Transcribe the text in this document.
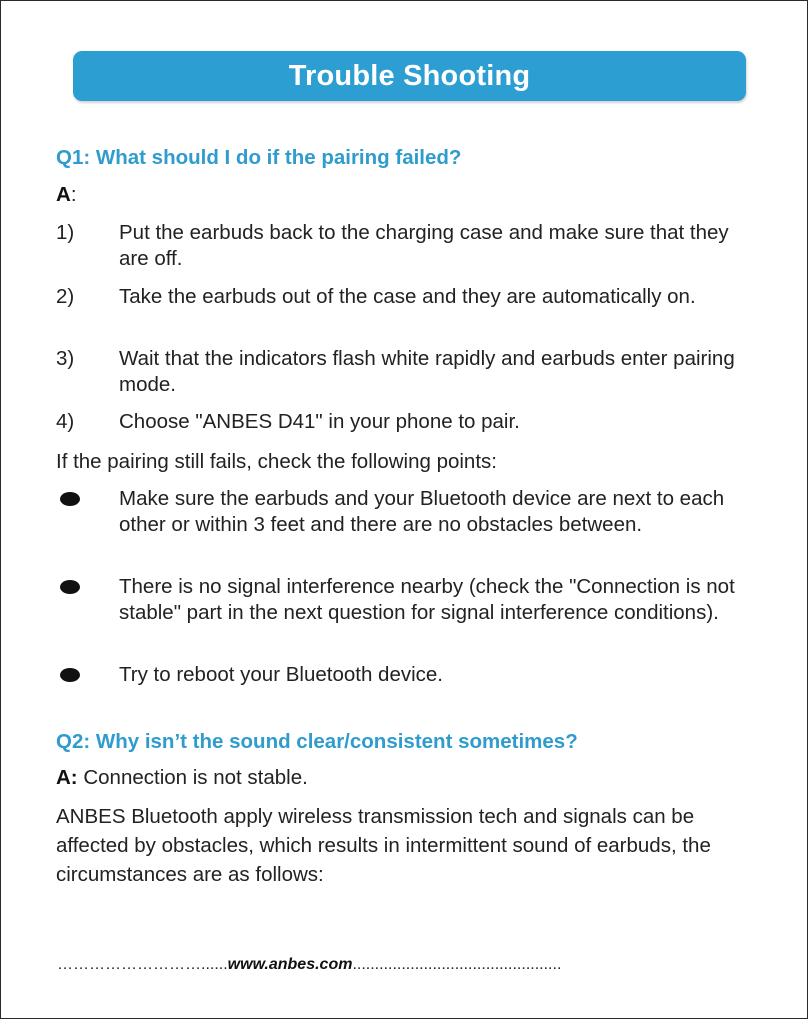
Trouble Shooting
Q1: What should I do if the pairing failed?
A:
1) Put the earbuds back to the charging case and make sure that they are off.
2) Take the earbuds out of the case and they are automatically on.
3) Wait that the indicators flash white rapidly and earbuds enter pairing mode.
4) Choose "ANBES D41" in your phone to pair.
If the pairing still fails, check the following points:
Make sure the earbuds and your Bluetooth device are next to each other or within 3 feet and there are no obstacles between.
There is no signal interference nearby (check the "Connection is not stable" part in the next question for signal interference conditions).
Try to reboot your Bluetooth device.
Q2: Why isn’t the sound clear/consistent sometimes?
A: Connection is not stable.
ANBES Bluetooth apply wireless transmission tech and signals can be affected by obstacles, which results in intermittent sound of earbuds, the circumstances are as follows:
………………………......www.anbes.com...............................................
